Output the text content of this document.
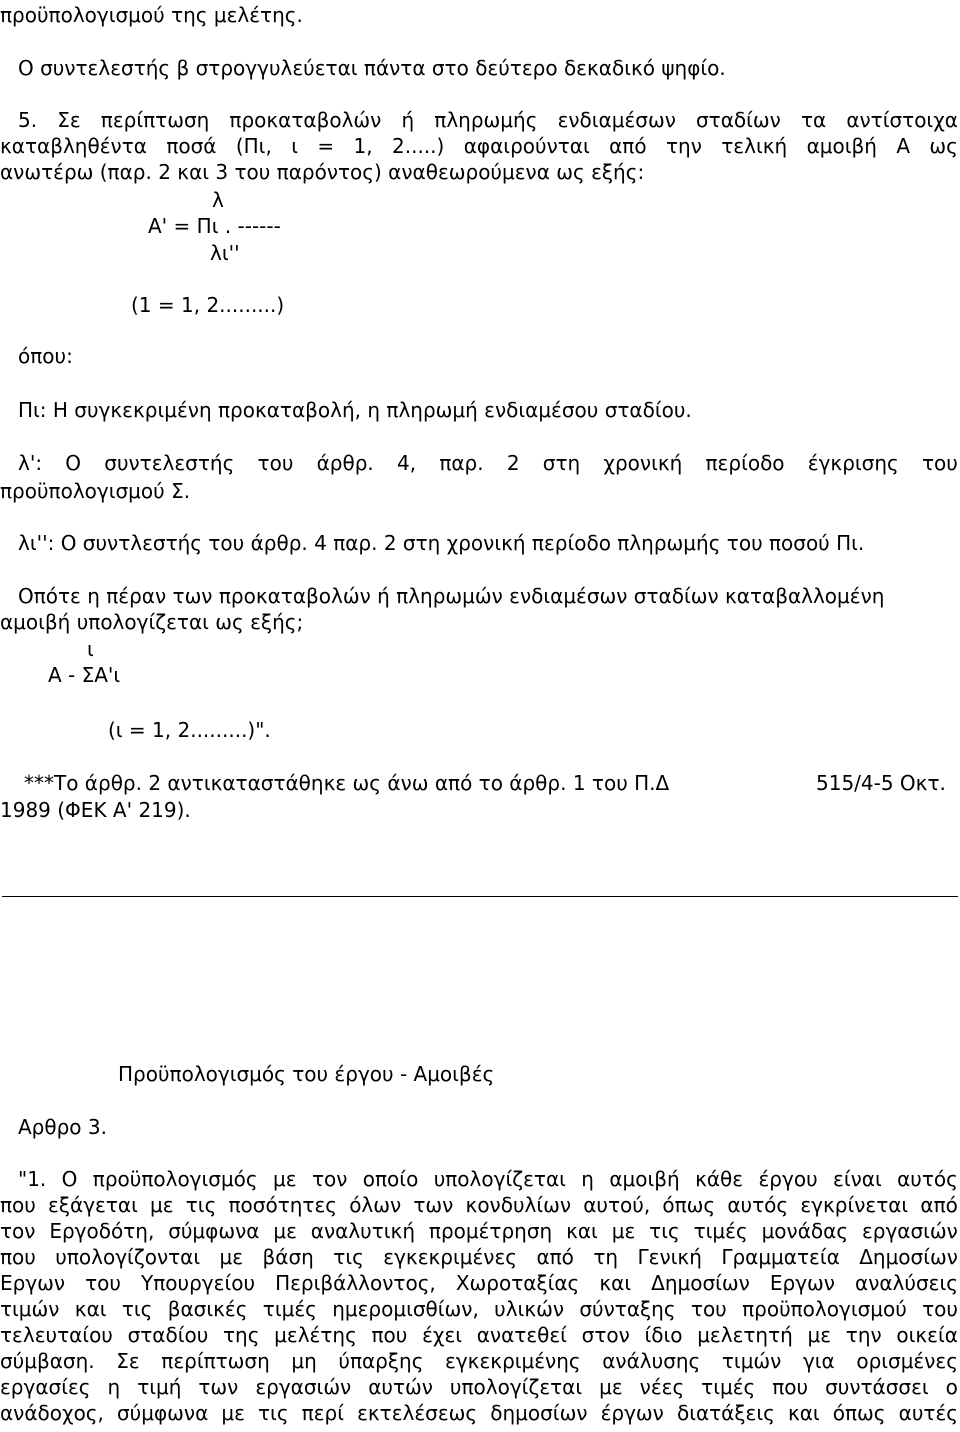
προϋπολογισμού της μελέτης.
Ο συντελεστής β στρογγυλεύεται πάντα στο δεύτερο δεκαδικό ψηφίο.
5. Σε περίπτωση προκαταβολών ή πληρωμής ενδιαμέσων σταδίων τα αντίστοιχα
καταβληθέντα ποσά (Πι, ι = 1, 2.....) αφαιρούνται από την τελική αμοιβή Α ως
ανωτέρω (παρ. 2 και 3 του παρόντος) αναθεωρούμενα ως εξής:
λ
Α' = Πι . ------
λι''
(1 = 1, 2.........)
όπου:
Πι: Η συγκεκριμένη προκαταβολή, η πληρωμή ενδιαμέσου σταδίου.
λ': Ο συντελεστής του άρθρ. 4, παρ. 2 στη χρονική περίοδο έγκρισης του
προϋπολογισμού Σ.
λι'': Ο συντλεστής του άρθρ. 4 παρ. 2 στη χρονική περίοδο πληρωμής του ποσού Πι.
Οπότε η πέραν των προκαταβολών ή πληρωμών ενδιαμέσων σταδίων καταβαλλομένη
αμοιβή υπολογίζεται ως εξής;
ι
Α - ΣΑ'ι
(ι = 1, 2.........)".
***Το άρθρ. 2 αντικαταστάθηκε ως άνω από το άρθρ. 1 του Π.Δ	515/4-5 Οκτ.
1989 (ΦΕΚ Α' 219).
Προϋπολογισμός του έργου - Αμοιβές
Αρθρο 3.
"1. Ο προϋπολογισμός με τον οποίο υπολογίζεται η αμοιβή κάθε έργου είναι αυτός
που εξάγεται με τις ποσότητες όλων των κονδυλίων αυτού, όπως αυτός εγκρίνεται από
τον Εργοδότη, σύμφωνα με αναλυτική προμέτρηση και με τις τιμές μονάδας εργασιών
που υπολογίζονται με βάση τις εγκεκριμένες από τη Γενική Γραμματεία Δημοσίων
Εργων του Υπουργείου Περιβάλλοντος, Χωροταξίας και Δημοσίων Εργων αναλύσεις
τιμών και τις βασικές τιμές ημερομισθίων, υλικών σύνταξης του προϋπολογισμού του
τελευταίου σταδίου της μελέτης που έχει ανατεθεί στον ίδιο μελετητή με την οικεία
σύμβαση. Σε περίπτωση μη ύπαρξης εγκεκριμένης ανάλυσης τιμών για ορισμένες
εργασίες η τιμή των εργασιών αυτών υπολογίζεται με νέες τιμές που συντάσσει ο
ανάδοχος, σύμφωνα με τις περί εκτελέσεως δημοσίων έργων διατάξεις και όπως αυτές
